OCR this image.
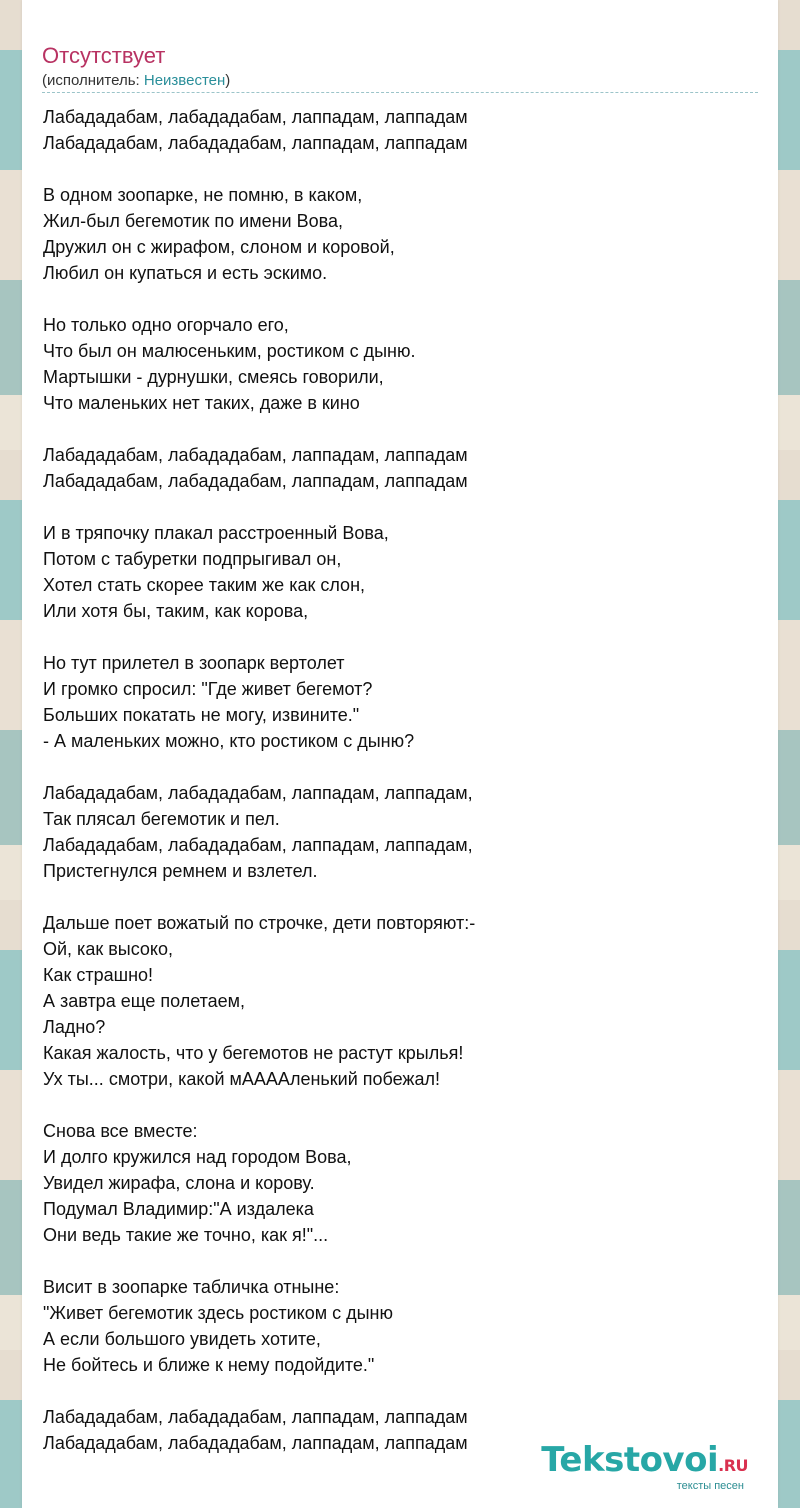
Отсутствует
(исполнитель: Неизвестен)
Лабададабам, лабададабам, лаппадам, лаппадам
Лабададабам, лабададабам, лаппадам, лаппадам

В одном зоопарке, не помню, в каком,
Жил-был бегемотик по имени Вова,
Дружил он с жирафом, слоном и коровой,
Любил он купаться и есть эскимо.

Но только одно огорчало его,
Что был он малюсеньким, ростиком с дыню.
Мартышки - дурнушки, смеясь говорили,
Что маленьких нет таких, даже в кино

Лабададабам, лабададабам, лаппадам, лаппадам
Лабададабам, лабададабам, лаппадам, лаппадам

И в тряпочку плакал расстроенный Вова,
Потом с табуретки подпрыгивал он,
Хотел стать скорее таким же как слон,
Или хотя бы, таким, как корова,

Но тут прилетел в зоопарк вертолет
И громко спросил: "Где живет бегемот?
Больших покатать не могу, извините."
- А маленьких можно, кто ростиком с дыню?

Лабададабам, лабададабам, лаппадам, лаппадам,
Так плясал бегемотик и пел.
Лабададабам, лабададабам, лаппадам, лаппадам,
Пристегнулся ремнем и взлетел.

Дальше поет вожатый по строчке, дети повторяют:-
Ой, как высоко,
Как страшно!
А завтра еще полетаем,
Ладно?
Какая жалость, что у бегемотов не растут крылья!
Ух ты... смотри, какой мААААленький побежал!

Снова все вместе:
И долго кружился над городом Вова,
Увидел жирафа, слона и корову.
Подумал Владимир:"А издалека
Они ведь такие же точно, как я!"...

Висит в зоопарке табличка отныне:
"Живет бегемотик здесь ростиком с дыню
А если большого увидеть хотите,
Не бойтесь и ближе к нему подойдите."

Лабададабам, лабададабам, лаппадам, лаппадам
Лабададабам, лабададабам, лаппадам, лаппадам	Tekstovoi.RU
тексты песен
